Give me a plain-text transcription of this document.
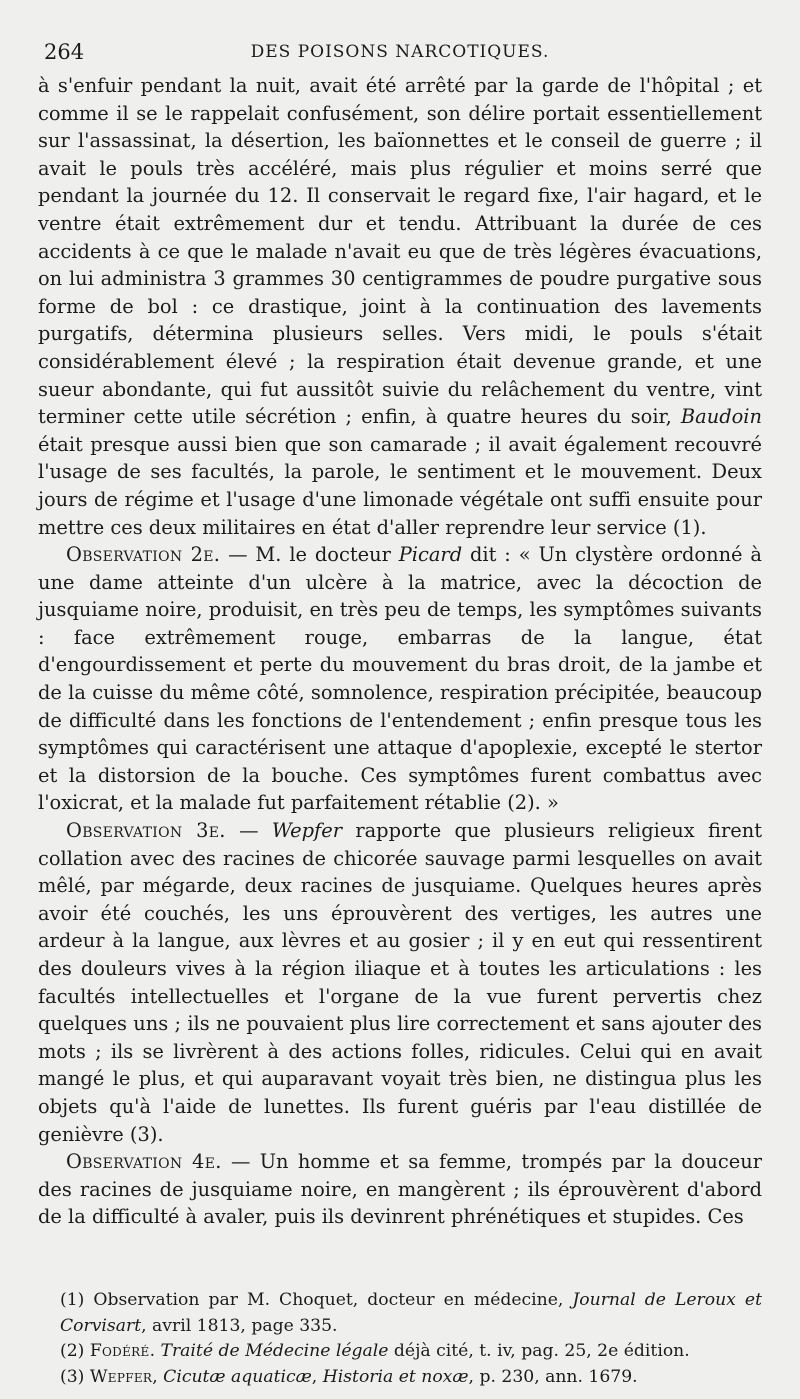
264	DES POISONS NARCOTIQUES.

à s'enfuir pendant la nuit, avait été arrêté par la garde de l'hôpital ; et comme il se le rappelait confusément, son délire portait essentiellement sur l'assassinat, la désertion, les baïonnettes et le conseil de guerre ; il avait le pouls très accéléré, mais plus régulier et moins serré que pendant la journée du 12. Il conservait le regard fixe, l'air hagard, et le ventre était extrêmement dur et tendu. Attribuant la durée de ces accidents à ce que le malade n'avait eu que de très légères évacuations, on lui administra 3 grammes 30 centigrammes de poudre purgative sous forme de bol : ce drastique, joint à la continuation des lavements purgatifs, détermina plusieurs selles. Vers midi, le pouls s'était considérablement élevé ; la respiration était devenue grande, et une sueur abondante, qui fut aussitôt suivie du relâchement du ventre, vint terminer cette utile sécrétion ; enfin, à quatre heures du soir, Baudoin était presque aussi bien que son camarade ; il avait également recouvré l'usage de ses facultés, la parole, le sentiment et le mouvement. Deux jours de régime et l'usage d'une limonade végétale ont suffi ensuite pour mettre ces deux militaires en état d'aller reprendre leur service (1).

Observation 2e. — M. le docteur Picard dit : « Un clystère ordonné à une dame atteinte d'un ulcère à la matrice, avec la décoction de jusquiame noire, produisit, en très peu de temps, les symptômes suivants : face extrêmement rouge, embarras de la langue, état d'engourdissement et perte du mouvement du bras droit, de la jambe et de la cuisse du même côté, somnolence, respiration précipitée, beaucoup de difficulté dans les fonctions de l'entendement ; enfin presque tous les symptômes qui caractérisent une attaque d'apoplexie, excepté le stertor et la distorsion de la bouche. Ces symptômes furent combattus avec l'oxicrat, et la malade fut parfaitement rétablie (2). »

Observation 3e. — Wepfer rapporte que plusieurs religieux firent collation avec des racines de chicorée sauvage parmi lesquelles on avait mêlé, par mégarde, deux racines de jusquiame. Quelques heures après avoir été couchés, les uns éprouvèrent des vertiges, les autres une ardeur à la langue, aux lèvres et au gosier ; il y en eut qui ressentirent des douleurs vives à la région iliaque et à toutes les articulations : les facultés intellectuelles et l'organe de la vue furent pervertis chez quelques uns ; ils ne pouvaient plus lire correctement et sans ajouter des mots ; ils se livrèrent à des actions folles, ridicules. Celui qui en avait mangé le plus, et qui auparavant voyait très bien, ne distingua plus les objets qu'à l'aide de lunettes. Ils furent guéris par l'eau distillée de genièvre (3).

Observation 4e. — Un homme et sa femme, trompés par la douceur des racines de jusquiame noire, en mangèrent ; ils éprouvèrent d'abord de la difficulté à avaler, puis ils devinrent phrénétiques et stupides. Ces

(1) Observation par M. Choquet, docteur en médecine, Journal de Leroux et Corvisart, avril 1813, page 335.

(2) Fodéré. Traité de Médecine légale déjà cité, t. iv, pag. 25, 2e édition.

(3) Wepfer, Cicutæ aquaticæ, Historia et noxæ, p. 230, ann. 1679.
